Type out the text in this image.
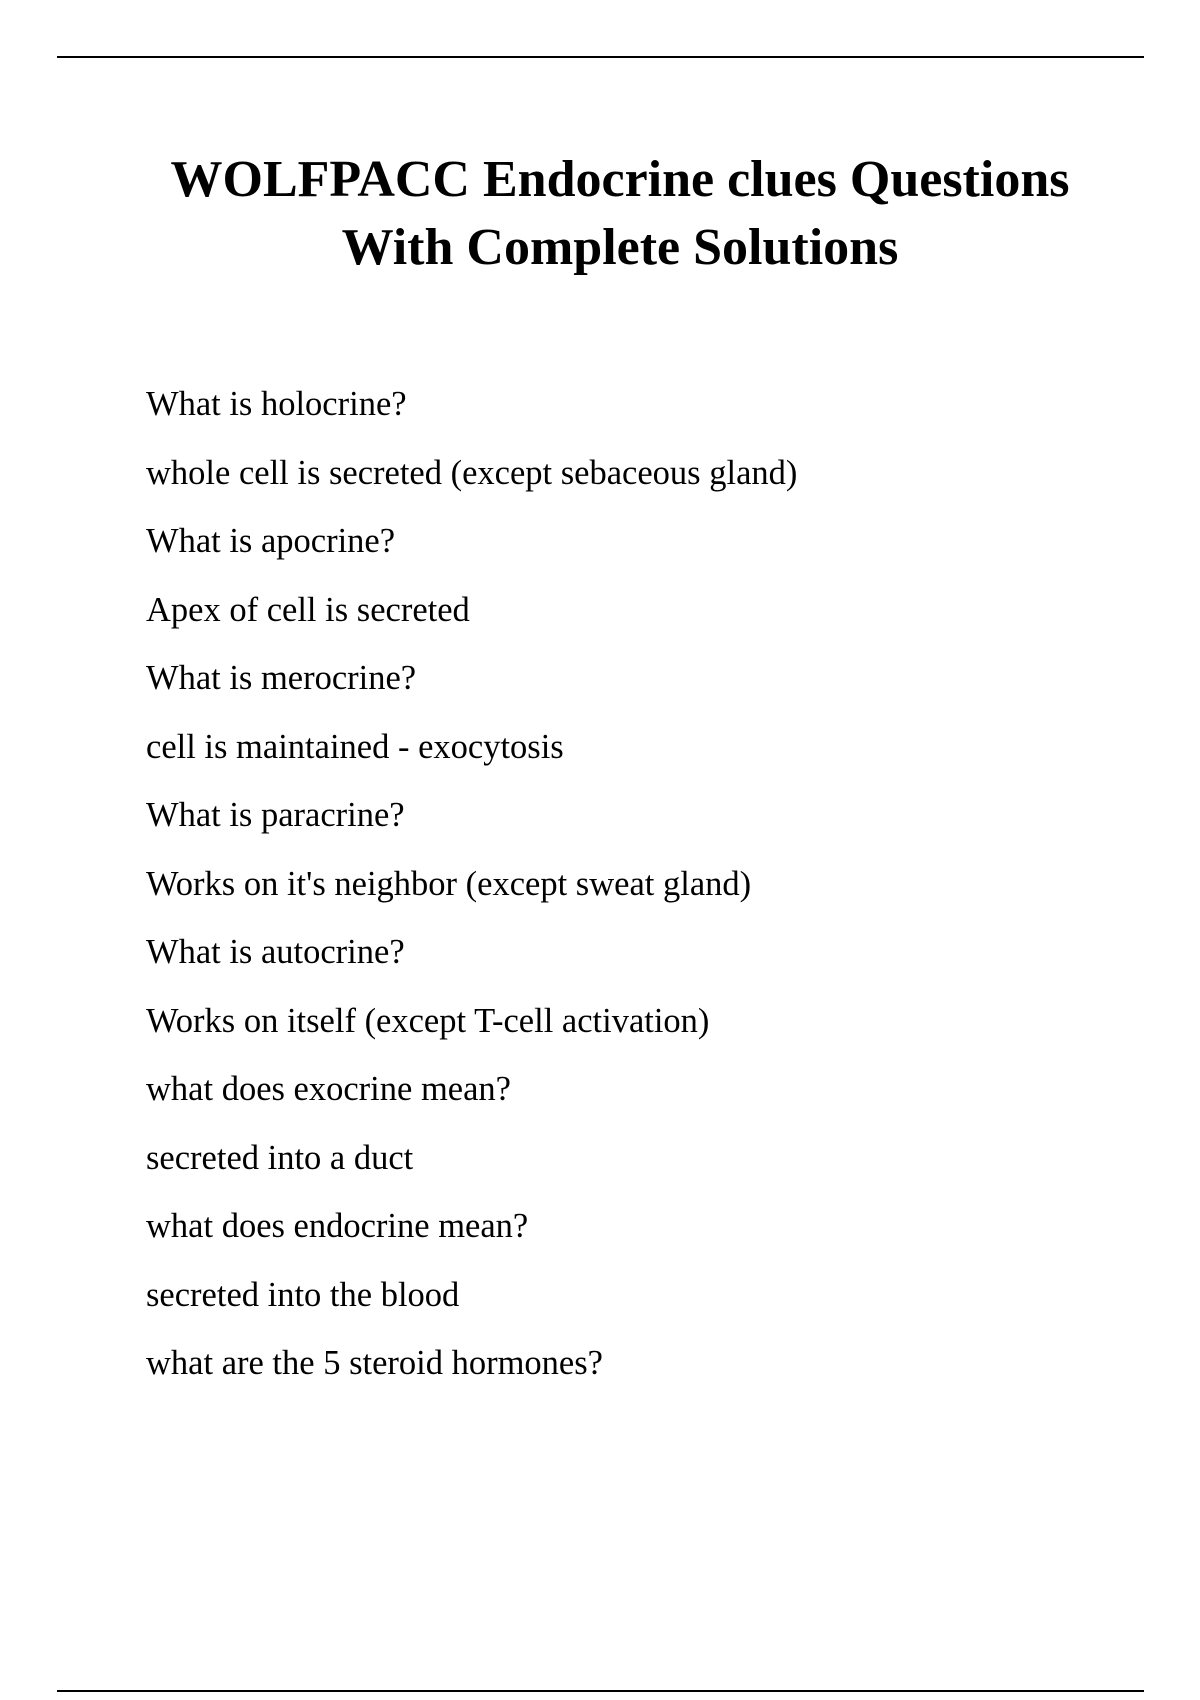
WOLFPACC Endocrine clues Questions
With Complete Solutions
What is holocrine?
whole cell is secreted (except sebaceous gland)
What is apocrine?
Apex of cell is secreted
What is merocrine?
cell is maintained - exocytosis
What is paracrine?
Works on it's neighbor (except sweat gland)
What is autocrine?
Works on itself (except T-cell activation)
what does exocrine mean?
secreted into a duct
what does endocrine mean?
secreted into the blood
what are the 5 steroid hormones?
